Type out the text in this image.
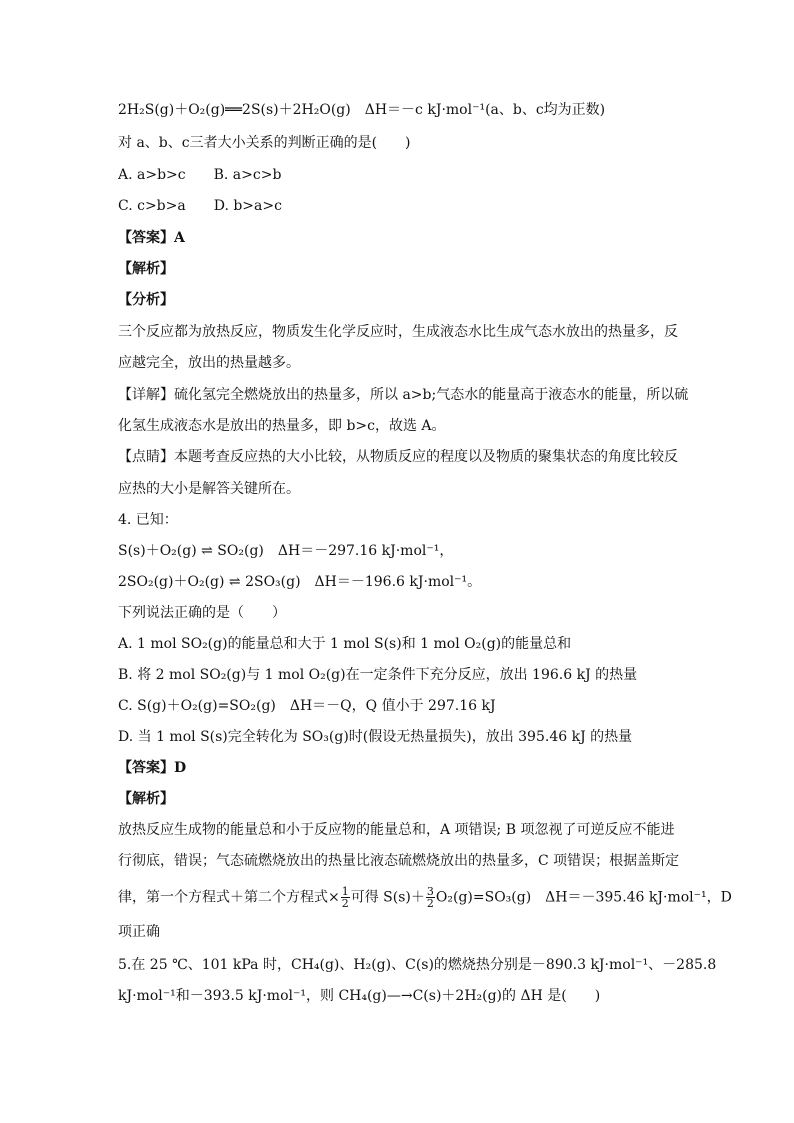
2H₂S(g)＋O₂(g)══2S(s)＋2H₂O(g)　ΔH＝－c kJ·mol⁻¹(a、b、c均为正数)
对 a、b、c三者大小关系的判断正确的是(　　)
A. a>b>c　　B. a>c>b
C. c>b>a　　D. b>a>c
【答案】A
【解析】
【分析】
三个反应都为放热反应，物质发生化学反应时，生成液态水比生成气态水放出的热量多，反
应越完全，放出的热量越多。
【详解】硫化氢完全燃烧放出的热量多，所以 a>b;气态水的能量高于液态水的能量，所以硫
化氢生成液态水是放出的热量多，即 b>c，故选 A。
【点睛】本题考查反应热的大小比较，从物质反应的程度以及物质的聚集状态的角度比较反
应热的大小是解答关键所在。
4. 已知：
S(s)＋O₂(g) ⇌ SO₂(g)　ΔH＝－297.16 kJ·mol⁻¹，
2SO₂(g)＋O₂(g) ⇌ 2SO₃(g)　ΔH＝－196.6 kJ·mol⁻¹。
下列说法正确的是（　　）
A. 1 mol SO₂(g)的能量总和大于 1 mol S(s)和 1 mol O₂(g)的能量总和
B. 将 2 mol SO₂(g)与 1 mol O₂(g)在一定条件下充分反应，放出 196.6 kJ 的热量
C. S(g)＋O₂(g)=SO₂(g)　ΔH＝－Q，Q 值小于 297.16 kJ
D. 当 1 mol S(s)完全转化为 SO₃(g)时(假设无热量损失)，放出 395.46 kJ 的热量
【答案】D
【解析】
放热反应生成物的能量总和小于反应物的能量总和，A 项错误; B 项忽视了可逆反应不能进
行彻底，错误；气态硫燃烧放出的热量比液态硫燃烧放出的热量多，C 项错误；根据盖斯定
律，第一个方程式＋第二个方程式× $\frac{1}{2}$ 可得 $S(s)+ \frac{3}{2} O_2(g)=SO_3(g)$　ΔH＝－395.46 kJ·mol⁻¹，D
项正确
5.在 25 ℃、101 kPa 时，CH₄(g)、H₂(g)、C(s)的燃烧热分别是－890.3 kJ·mol⁻¹、－285.8
kJ·mol⁻¹和－393.5 kJ·mol⁻¹，则 CH₄(g)—→C(s)＋2H₂(g)的 ΔH 是(　　)
